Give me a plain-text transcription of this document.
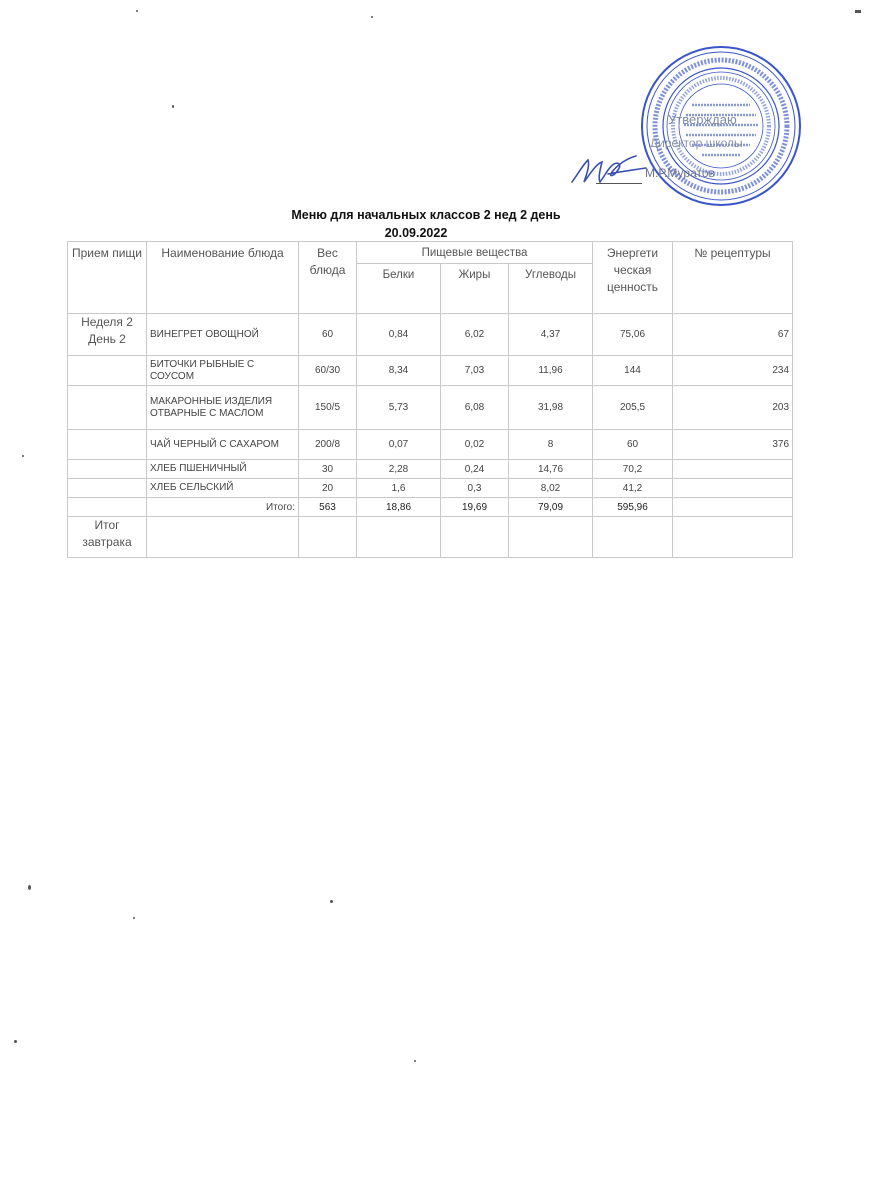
Утверждаю
Директор школы
М.Р.Муратов
Меню для начальных классов 2 нед 2 день
20.09.2022
Прием пищи	Наименование блюда	Вес блюда	Пищевые вещества			Энергети ческая ценность	№ рецептуры
			Белки	Жиры	Углеводы		
Неделя 2 День 2	ВИНЕГРЕТ ОВОЩНОЙ	60	0,84	6,02	4,37	75,06	67
	БИТОЧКИ РЫБНЫЕ С СОУСОМ	60/30	8,34	7,03	11,96	144	234
	МАКАРОННЫЕ ИЗДЕЛИЯ ОТВАРНЫЕ С МАСЛОМ	150/5	5,73	6,08	31,98	205,5	203
	ЧАЙ ЧЕРНЫЙ С САХАРОМ	200/8	0,07	0,02	8	60	376
	ХЛЕБ ПШЕНИЧНЫЙ	30	2,28	0,24	14,76	70,2	
	ХЛЕБ СЕЛЬСКИЙ	20	1,6	0,3	8,02	41,2	
	Итого:	563	18,86	19,69	79,09	595,96	
Итог завтрака							
